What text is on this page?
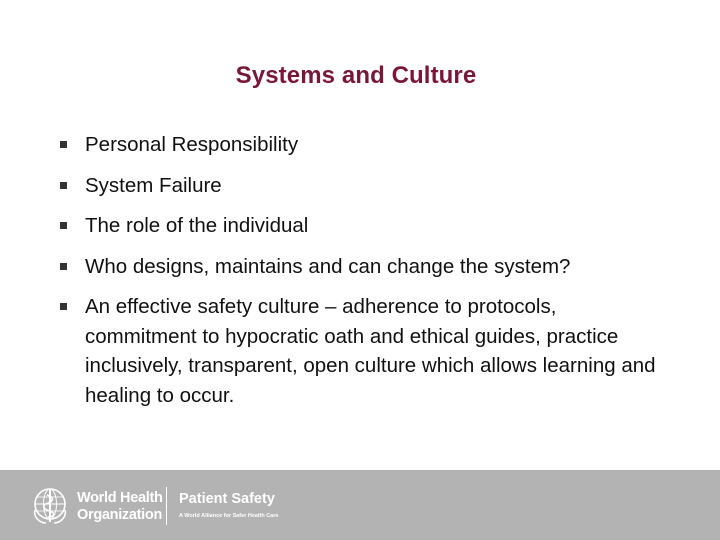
Systems and Culture
Personal Responsibility
System Failure
The role of the individual
Who designs, maintains and can change the system?
An effective safety culture – adherence to protocols, commitment to hypocratic oath and ethical guides, practice inclusively, transparent, open culture which allows learning and healing to occur.
World Health
Organization
Patient Safety
A World Alliance for Safer Health Care
